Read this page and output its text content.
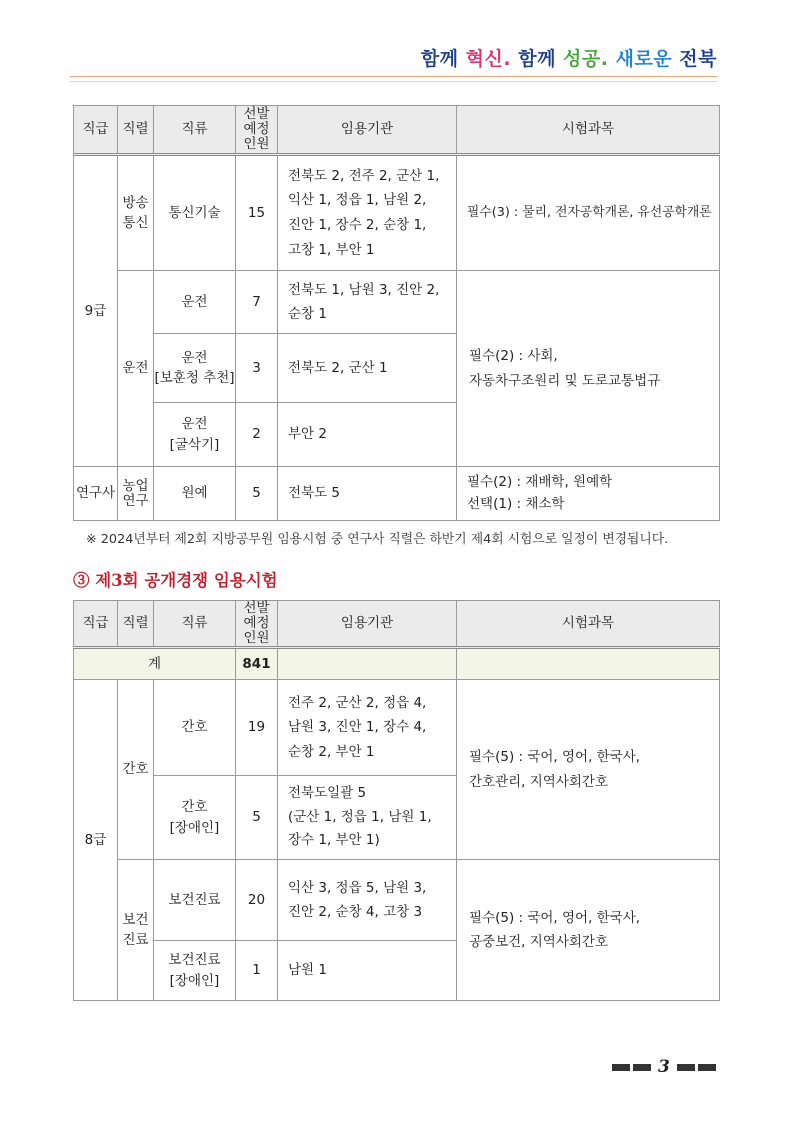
함께 혁신. 함께 성공. 새로운 전북
직급	직렬	직류	선발
예정
인원	임용기관	시험과목
9급	방송
통신	통신기술	15	전북도 2, 전주 2, 군산 1,
익산 1, 정읍 1, 남원 2,
진안 1, 장수 2, 순창 1,
고창 1, 부안 1	필수(3) : 물리, 전자공학개론, 유선공학개론
	운전	운전	7	전북도 1, 남원 3, 진안 2,
순창 1	필수(2) : 사회,
자동차구조원리 및 도로교통법규
		운전
[보훈청 추천]	3	전북도 2, 군산 1	
		운전
[굴삭기]	2	부안 2	
연구사	농업
연구	원예	5	전북도 5	필수(2) : 재배학, 원예학
선택(1) : 채소학
※ 2024년부터 제2회 지방공무원 임용시험 중 연구사 직렬은 하반기 제4회 시험으로 일정이 변경됩니다.
③ 제3회 공개경쟁 임용시험
직급	직렬	직류	선발
예정
인원	임용기관	시험과목
계			841		
8급	간호	간호	19	전주 2, 군산 2, 정읍 4,
남원 3, 진안 1, 장수 4,
순창 2, 부안 1	필수(5) : 국어, 영어, 한국사,
간호관리, 지역사회간호
		간호
[장애인]	5	전북도일괄 5
(군산 1, 정읍 1, 남원 1,
장수 1, 부안 1)	
	보건
진료	보건진료	20	익산 3, 정읍 5, 남원 3,
진안 2, 순창 4, 고창 3	필수(5) : 국어, 영어, 한국사,
공중보건, 지역사회간호
		보건진료
[장애인]	1	남원 1	
3
